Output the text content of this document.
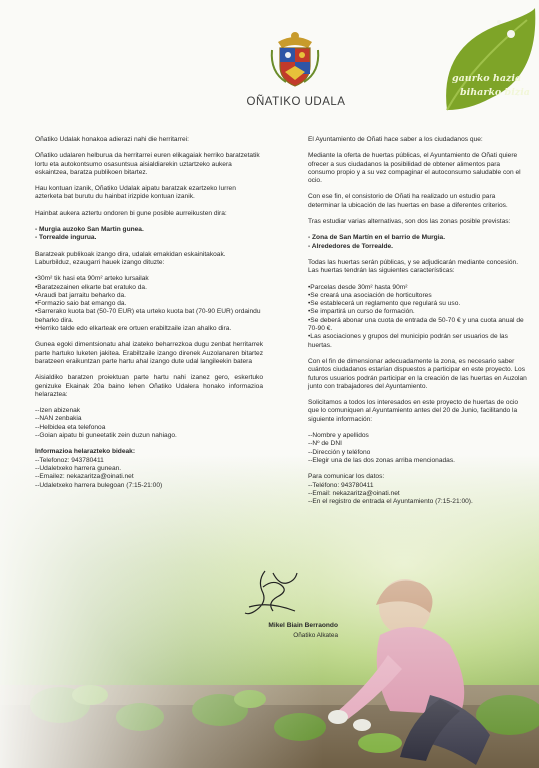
OÑATIKO UDALA
gaurko hazia
biharko bizia

Oñatiko Udalak honakoa adierazi nahi die herritarrei:

Oñatiko udalaren helburua da herritarrei euren elikagaiak herriko baratzetatik lortu eta autokontsumo osasuntsua aisialdiarekin uztartzeko aukera eskaintzea, baratza publikoen bitartez.

Hau kontuan izanik, Oñatiko Udalak aipatu baratzak ezartzeko lurren azterketa bat burutu du hainbat irizpide kontuan izanik.

Hainbat aukera aztertu ondoren bi gune posible aurreikusten dira:

- Murgia auzoko San Martin gunea.
- Torrealde ingurua.

Baratzeak publikoak izango dira, udalak emakidan eskainitakoak. Laburbilduz, ezaugarri hauek izango dituzte:

•30m² tik hasi eta 90m² arteko lursailak
•Baratzezainen elkarte bat eratuko da.
•Araudi bat jarraitu beharko da.
•Formazio saio bat emango da.
•Sarrerako kuota bat (50-70 EUR) eta urteko kuota bat (70-90 EUR) ordaindu beharko dira.
•Herriko talde edo elkarteak ere ortuen erabiltzaile izan ahalko dira.

Gunea egoki dimentsionatu ahal izateko beharrezkoa dugu zenbat herritarrek parte hartuko luketen jakitea. Erabiltzaile izango direnek Auzolanaren bitartez baratzeen eraikuntzan parte hartu ahal izango dute udal langileekin batera

Aisialdiko baratzen proiektuan parte hartu nahi izanez gero, eskertuko genizuke Ekainak 20a baino lehen Oñatiko Udalera honako informazioa helaraztea:

--Izen abizenak
--NAN zenbakia
--Helbidea eta telefonoa
--Goian aipatu bi guneetatik zein duzun nahiago.

Informazioa helarazteko bideak:
--Telefonoz: 943780411
--Udaletxeko harrera gunean.
--Emailez: nekazaritza@oinati.net
--Udaletxeko harrera bulegoan (7:15-21:00)

El Ayuntamiento de Oñati hace saber a los ciudadanos que:

Mediante la oferta de huertas públicas, el Ayuntamiento de Oñati quiere ofrecer a sus ciudadanos la posibilidad de obtener alimentos para consumo propio y a su vez compaginar el autoconsumo saludable con el ocio.

Con ese fin, el consistorio de Oñati ha realizado un estudio para determinar la ubicación de las huertas en base a diferentes criterios.

Tras estudiar varias alternativas, son dos las zonas posible previstas:

- Zona de San Martín en el barrio de Murgia.
- Alrededores de Torrealde.

Todas las huertas serán públicas, y se adjudicarán mediante concesión. Las huertas tendrán las siguientes características:

•Parcelas desde 30m² hasta 90m²
•Se creará una asociación de horticultores
•Se establecerá un reglamento que regulará su uso.
•Se impartirá un curso de formación.
•Se deberá abonar una cuota de entrada de 50-70 € y una cuota anual de 70-90 €.
•Las asociaciones y grupos del municipio podrán ser usuarios de las huertas.

Con el fin de dimensionar adecuadamente la zona, es necesario saber cuántos ciudadanos estarían dispuestos a participar en este proyecto. Los futuros usuarios podrán participar en la creación de las huertas en Auzolan junto con trabajadores del Ayuntamiento.

Solicitamos a todos los interesados en este proyecto de huertas de ocio que lo comuniquen al Ayuntamiento antes del 20 de Junio, facilitando la siguiente información:

--Nombre y apellidos
--Nº de DNI
--Dirección y teléfono
--Elegir una de las dos zonas arriba mencionadas.

Para comunicar los datos:
--Teléfono: 943780411
--Email: nekazaritza@oinati.net
--En el registro de entrada el Ayuntamiento (7:15-21:00).

Mikel Biain Berraondo
Oñatiko Alkatea
